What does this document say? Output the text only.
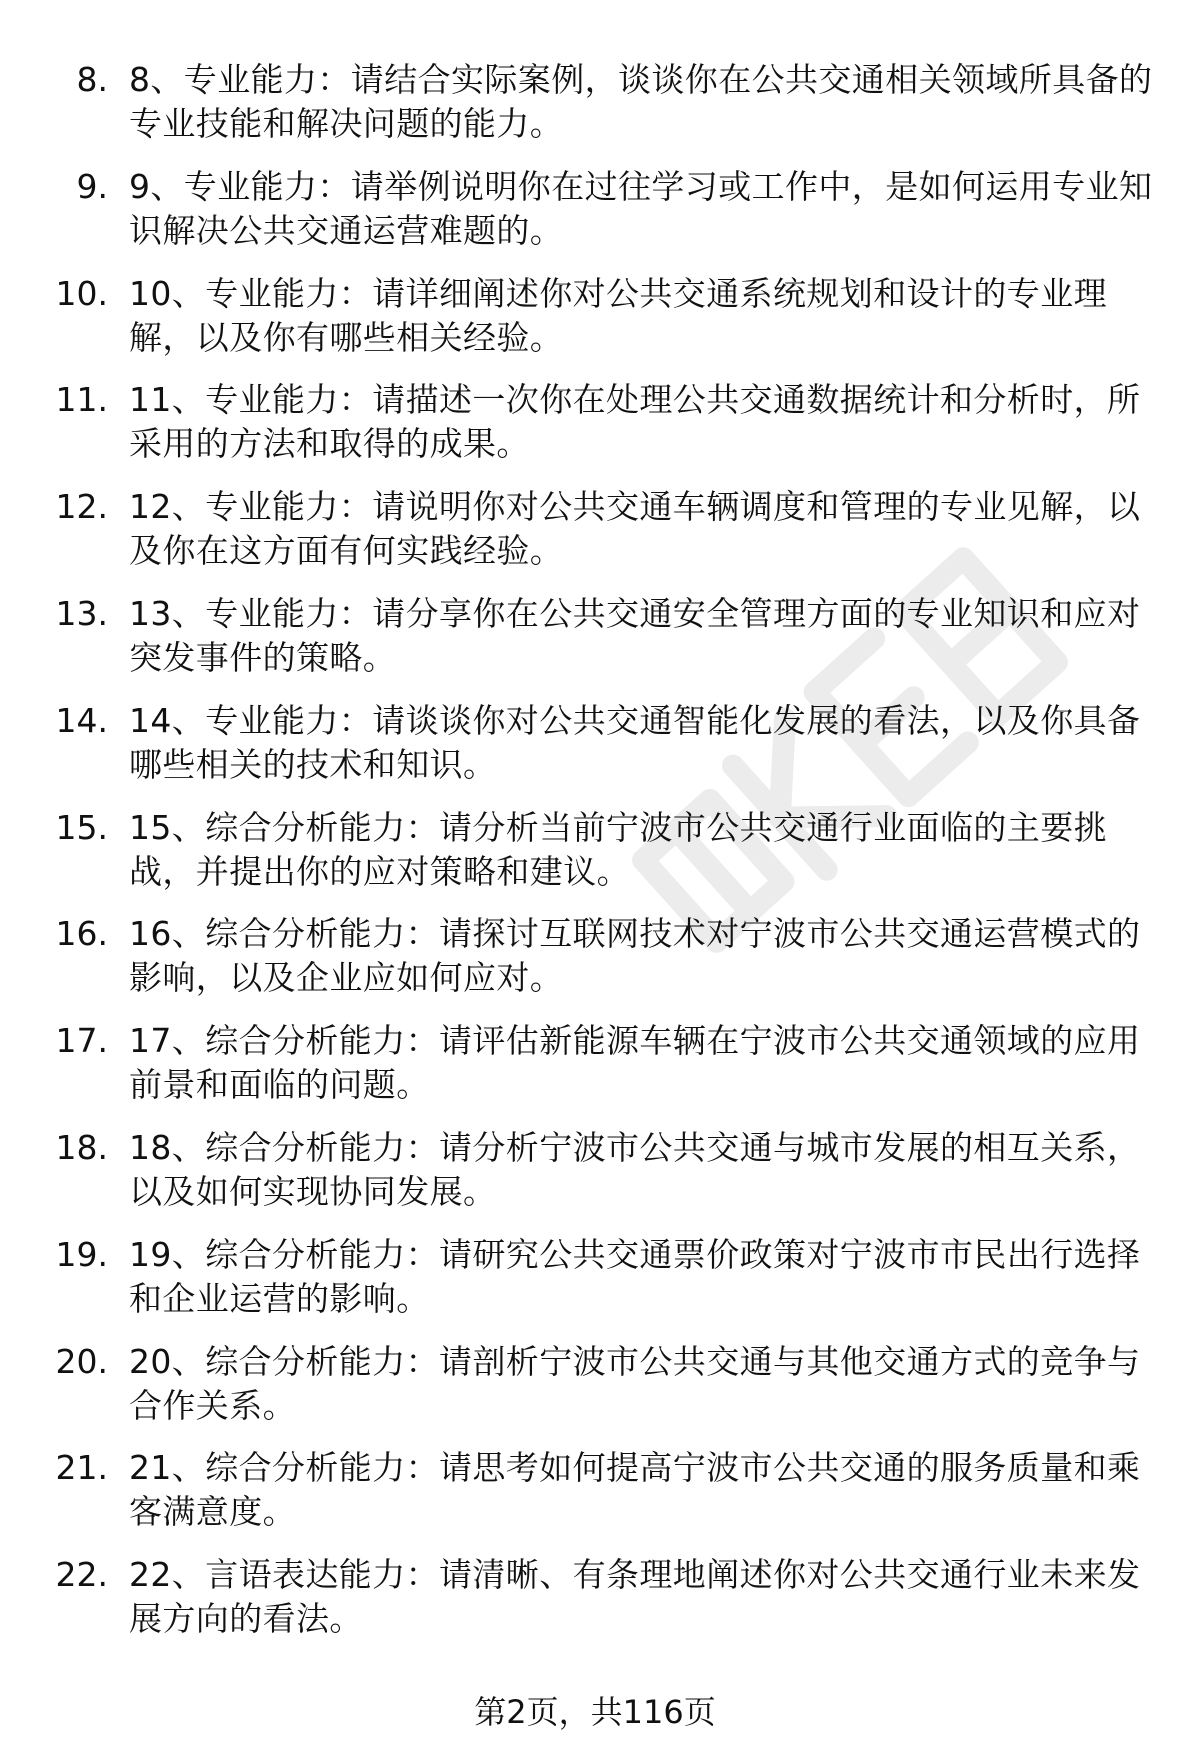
8. 8、专业能力：请结合实际案例，谈谈你在公共交通相关领域所具备的专业技能和解决问题的能力。
9. 9、专业能力：请举例说明你在过往学习或工作中，是如何运用专业知识解决公共交通运营难题的。
10. 10、专业能力：请详细阐述你对公共交通系统规划和设计的专业理解，以及你有哪些相关经验。
11. 11、专业能力：请描述一次你在处理公共交通数据统计和分析时，所采用的方法和取得的成果。
12. 12、专业能力：请说明你对公共交通车辆调度和管理的专业见解，以及你在这方面有何实践经验。
13. 13、专业能力：请分享你在公共交通安全管理方面的专业知识和应对突发事件的策略。
14. 14、专业能力：请谈谈你对公共交通智能化发展的看法，以及你具备哪些相关的技术和知识。
15. 15、综合分析能力：请分析当前宁波市公共交通行业面临的主要挑战，并提出你的应对策略和建议。
16. 16、综合分析能力：请探讨互联网技术对宁波市公共交通运营模式的影响，以及企业应如何应对。
17. 17、综合分析能力：请评估新能源车辆在宁波市公共交通领域的应用前景和面临的问题。
18. 18、综合分析能力：请分析宁波市公共交通与城市发展的相互关系，以及如何实现协同发展。
19. 19、综合分析能力：请研究公共交通票价政策对宁波市市民出行选择和企业运营的影响。
20. 20、综合分析能力：请剖析宁波市公共交通与其他交通方式的竞争与合作关系。
21. 21、综合分析能力：请思考如何提高宁波市公共交通的服务质量和乘客满意度。
22. 22、言语表达能力：请清晰、有条理地阐述你对公共交通行业未来发展方向的看法。
第2页，共116页
